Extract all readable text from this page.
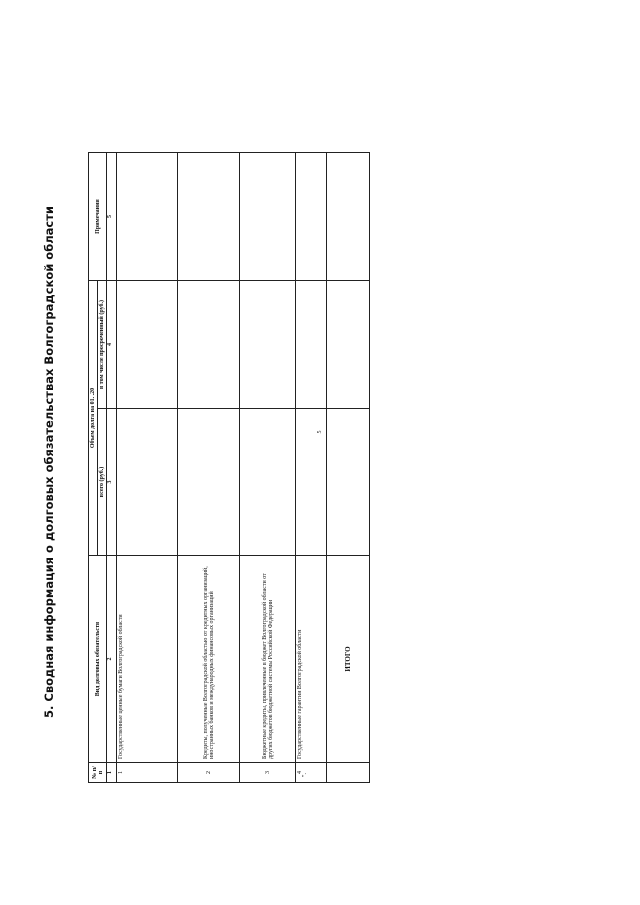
5
5. Сводная информация о долговых обязательствах Волгоградской области
№ п/п	Вид долговых обязательств	Объем долга на 01. .20		Примечания
		всего (руб.)	в том числе просроченный (руб.)	
1	2	3	4	5
1	Государственные ценные бумаги Волгоградской области			
2	Кредиты, полученные Волгоградской областью от кредитных организаций, иностранных банков и международных финансовых организаций			
3	Бюджетные кредиты, привлеченные в бюджет Волгоградской области от других бюджетов бюджетной системы Российской Федерации			
4	Государственные гарантии Волгоградской области			
	ИТОГО			
".
